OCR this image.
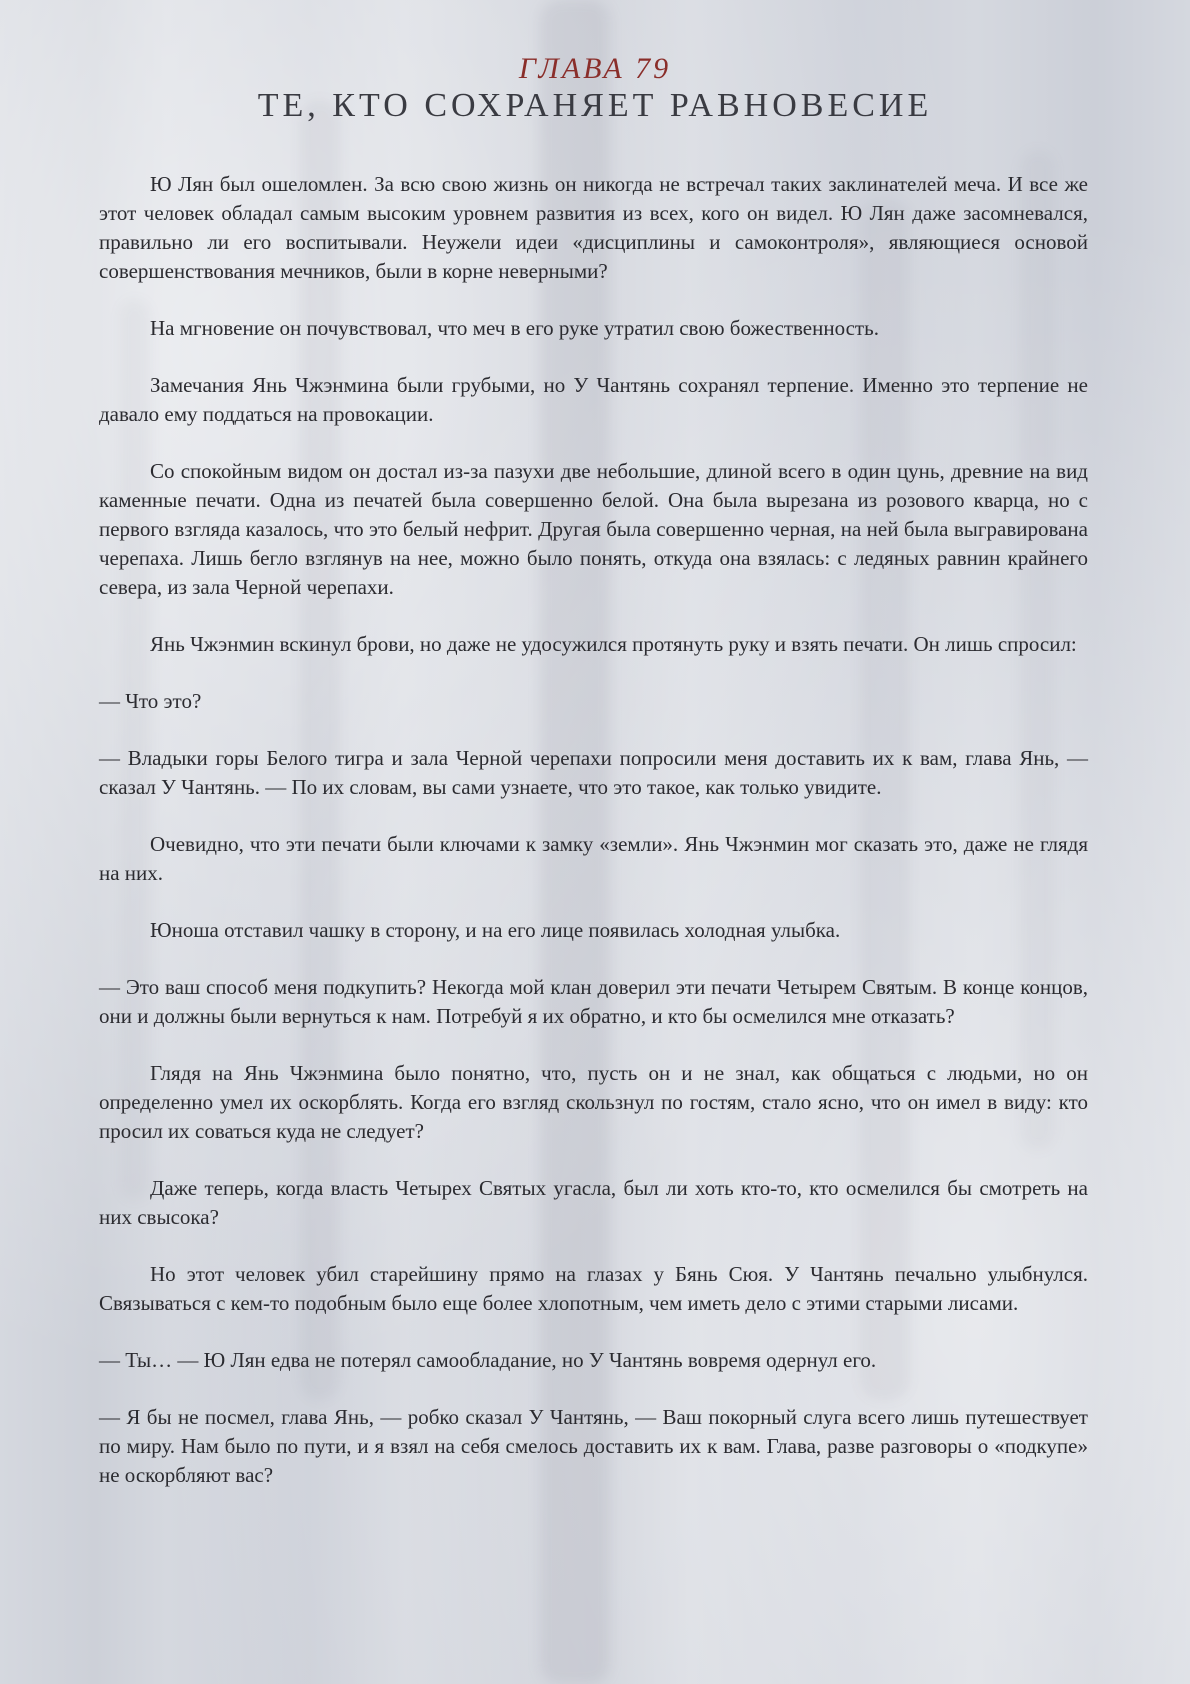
ГЛАВА 79
ТЕ, КТО СОХРАНЯЕТ РАВНОВЕСИЕ

Ю Лян был ошеломлен. За всю свою жизнь он никогда не встречал таких заклинателей меча. И все же этот человек обладал самым высоким уровнем развития из всех, кого он видел. Ю Лян даже засомневался, правильно ли его воспитывали. Неужели идеи «дисциплины и самоконтроля», являющиеся основой совершенствования мечников, были в корне неверными?

На мгновение он почувствовал, что меч в его руке утратил свою божественность.

Замечания Янь Чжэнмина были грубыми, но У Чантянь сохранял терпение. Именно это терпение не давало ему поддаться на провокации.

Со спокойным видом он достал из-за пазухи две небольшие, длиной всего в один цунь, древние на вид каменные печати. Одна из печатей была совершенно белой. Она была вырезана из розового кварца, но с первого взгляда казалось, что это белый нефрит. Другая была совершенно черная, на ней была выгравирована черепаха. Лишь бегло взглянув на нее, можно было понять, откуда она взялась: с ледяных равнин крайнего севера, из зала Черной черепахи.

Янь Чжэнмин вскинул брови, но даже не удосужился протянуть руку и взять печати. Он лишь спросил:

— Что это?

— Владыки горы Белого тигра и зала Черной черепахи попросили меня доставить их к вам, глава Янь, — сказал У Чантянь. — По их словам, вы сами узнаете, что это такое, как только увидите.

Очевидно, что эти печати были ключами к замку «земли». Янь Чжэнмин мог сказать это, даже не глядя на них.

Юноша отставил чашку в сторону, и на его лице появилась холодная улыбка.

— Это ваш способ меня подкупить? Некогда мой клан доверил эти печати Четырем Святым. В конце концов, они и должны были вернуться к нам. Потребуй я их обратно, и кто бы осмелился мне отказать?

Глядя на Янь Чжэнмина было понятно, что, пусть он и не знал, как общаться с людьми, но он определенно умел их оскорблять. Когда его взгляд скользнул по гостям, стало ясно, что он имел в виду: кто просил их соваться куда не следует?

Даже теперь, когда власть Четырех Святых угасла, был ли хоть кто-то, кто осмелился бы смотреть на них свысока?

Но этот человек убил старейшину прямо на глазах у Бянь Сюя. У Чантянь печально улыбнулся. Связываться с кем-то подобным было еще более хлопотным, чем иметь дело с этими старыми лисами.

— Ты… — Ю Лян едва не потерял самообладание, но У Чантянь вовремя одернул его.

— Я бы не посмел, глава Янь, — робко сказал У Чантянь, — Ваш покорный слуга всего лишь путешествует по миру. Нам было по пути, и я взял на себя смелось доставить их к вам. Глава, разве разговоры о «подкупе» не оскорбляют вас?
